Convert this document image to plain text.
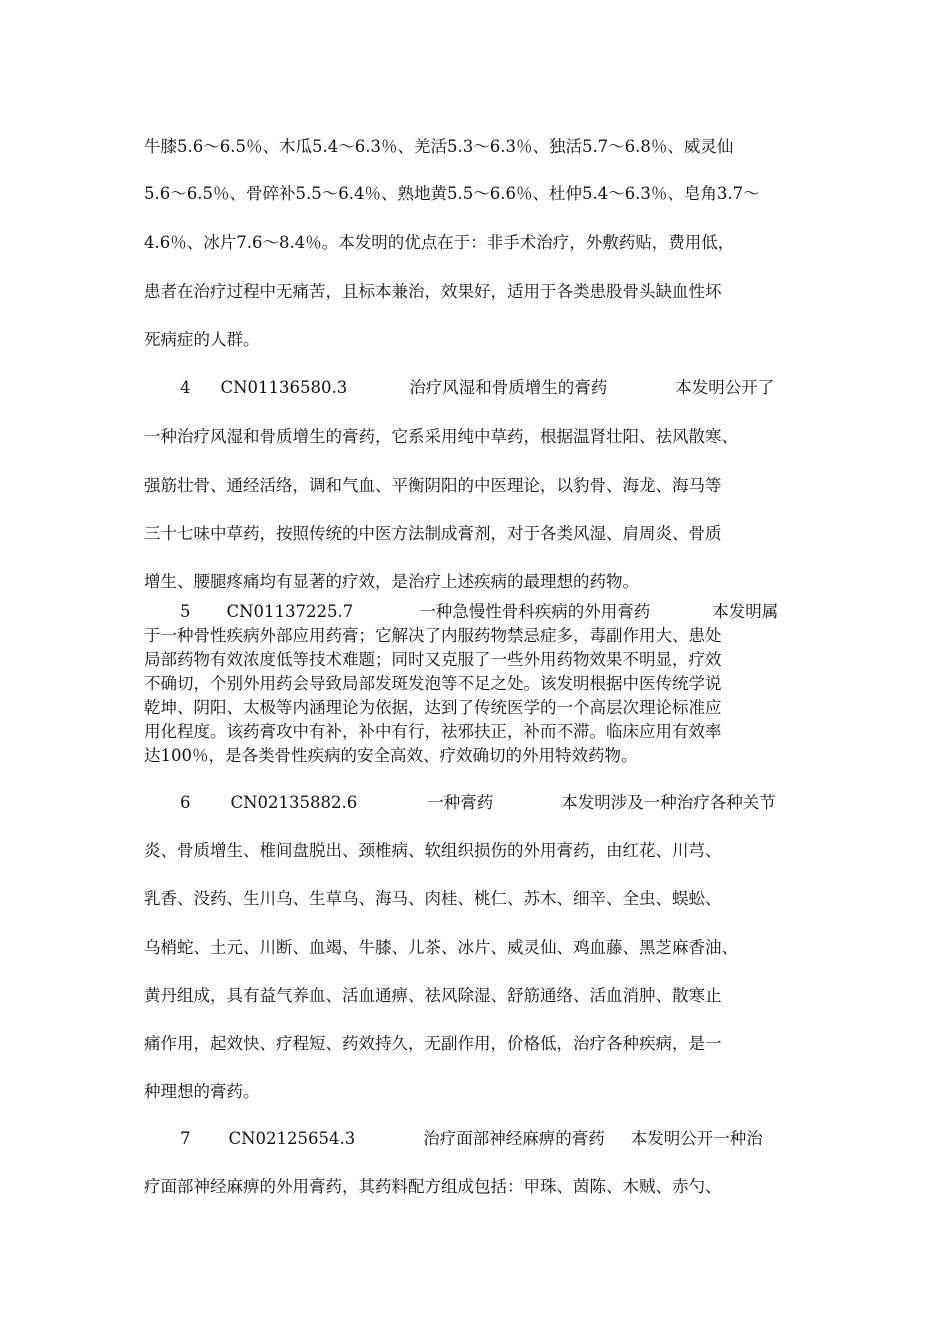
牛膝5.6～6.5％、木瓜5.4～6.3％、羌活5.3～6.3％、独活5.7～6.8％、威灵仙
5.6～6.5％、骨碎补5.5～6.4％、熟地黄5.5～6.6％、杜仲5.4～6.3％、皂角3.7～
4.6％、冰片7.6～8.4％。本发明的优点在于：非手术治疗，外敷药贴，费用低，
患者在治疗过程中无痛苦，且标本兼治，效果好，适用于各类患股骨头缺血性坏
死病症的人群。
4 CN01136580.3	治疗风湿和骨质增生的膏药	本发明公开了
一种治疗风湿和骨质增生的膏药，它系采用纯中草药，根据温肾壮阳、祛风散寒、
强筋壮骨、通经活络，调和气血、平衡阴阳的中医理论，以豹骨、海龙、海马等
三十七味中草药，按照传统的中医方法制成膏剂，对于各类风湿、肩周炎、骨质
增生、腰腿疼痛均有显著的疗效，是治疗上述疾病的最理想的药物。
5 CN01137225.7	一种急慢性骨科疾病的外用膏药	本发明属
于一种骨性疾病外部应用药膏；它解决了内服药物禁忌症多，毒副作用大、患处
局部药物有效浓度低等技术难题；同时又克服了一些外用药物效果不明显，疗效
不确切，个别外用药会导致局部发斑发泡等不足之处。该发明根据中医传统学说
乾坤、阴阳、太极等内涵理论为依据，达到了传统医学的一个高层次理论标准应
用化程度。该药膏攻中有补，补中有行，祛邪扶正，补而不滞。临床应用有效率
达100％，是各类骨性疾病的安全高效、疗效确切的外用特效药物。
6 CN02135882.6	一种膏药	本发明涉及一种治疗各种关节
炎、骨质增生、椎间盘脱出、颈椎病、软组织损伤的外用膏药，由红花、川芎、
乳香、没药、生川乌、生草乌、海马、肉桂、桃仁、苏木、细辛、全虫、蜈蚣、
乌梢蛇、土元、川断、血竭、牛膝、儿茶、冰片、威灵仙、鸡血藤、黑芝麻香油、
黄丹组成，具有益气养血、活血通痹、祛风除湿、舒筋通络、活血消肿、散寒止
痛作用，起效快、疗程短、药效持久，无副作用，价格低，治疗各种疾病，是一
种理想的膏药。
7 CN02125654.3	治疗面部神经麻痹的膏药 本发明公开一种治
疗面部神经麻痹的外用膏药，其药料配方组成包括：甲珠、茵陈、木贼、赤勺、
